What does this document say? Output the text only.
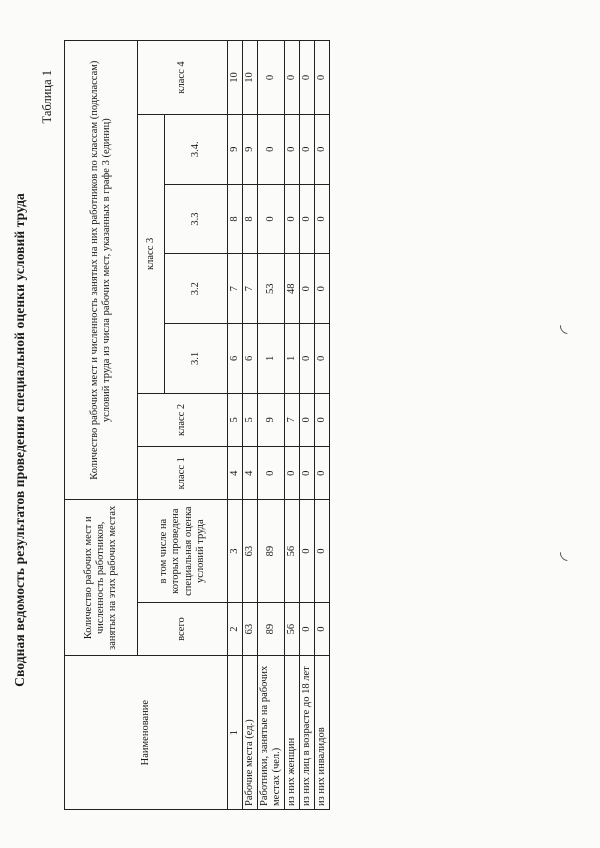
Сводная ведомость результатов проведения специальной оценки условий труда
Таблица 1
Наименование	Количество рабочих мест и численность работников, занятых на этих рабочих местах		Количество рабочих мест и численность занятых на них работников по классам (подклассам) условий труда из числа рабочих мест, указанных в графе 3 (единиц)						
	всего	в том числе на которых проведена специальная оценка условий труда	класс 1	класс 2	класс 3				класс 4
					3.1	3.2	3.3	3.4.	
1	2	3	4	5	6	7	8	9	10
Рабочие места (ед.)	63	63	4	5	6	7	8	9	10
Работники, занятые на рабочих местах (чел.)	89	89	0	9	1	53	0	0	0
из них женщин	56	56	0	7	1	48	0	0	0
из них лиц в возрасте до 18 лет	0	0	0	0	0	0	0	0	0
из них инвалидов	0	0	0	0	0	0	0	0	0
